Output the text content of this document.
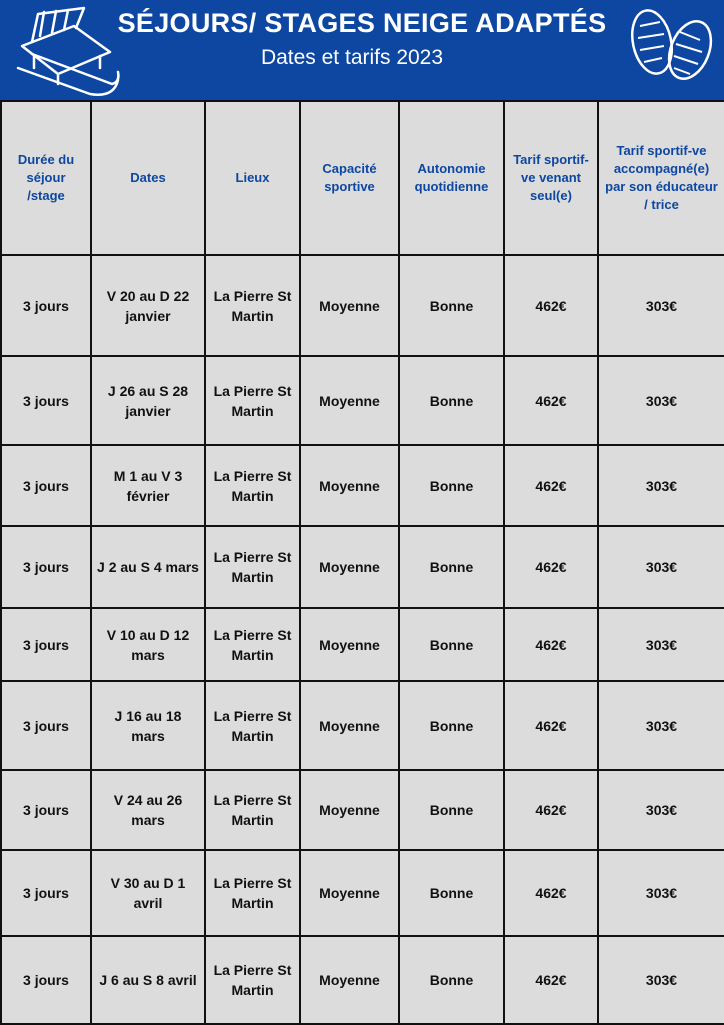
SÉJOURS/ STAGES NEIGE ADAPTÉS
Dates et tarifs 2023
Durée du séjour /stage	Dates	Lieux	Capacité sportive	Autonomie quotidienne	Tarif sportif-ve venant seul(e)	Tarif sportif-ve accompagné(e) par son éducateur / trice
3 jours	V 20 au D 22 janvier	La Pierre St Martin	Moyenne	Bonne	462€	303€
3 jours	J 26 au S 28 janvier	La Pierre St Martin	Moyenne	Bonne	462€	303€
3 jours	M 1 au V 3 février	La Pierre St Martin	Moyenne	Bonne	462€	303€
3 jours	J 2 au S 4 mars	La Pierre St Martin	Moyenne	Bonne	462€	303€
3 jours	V 10 au D 12 mars	La Pierre St Martin	Moyenne	Bonne	462€	303€
3 jours	J 16 au 18 mars	La Pierre St Martin	Moyenne	Bonne	462€	303€
3 jours	V 24 au 26 mars	La Pierre St Martin	Moyenne	Bonne	462€	303€
3 jours	V 30 au D 1 avril	La Pierre St Martin	Moyenne	Bonne	462€	303€
3 jours	J 6 au S 8 avril	La Pierre St Martin	Moyenne	Bonne	462€	303€
